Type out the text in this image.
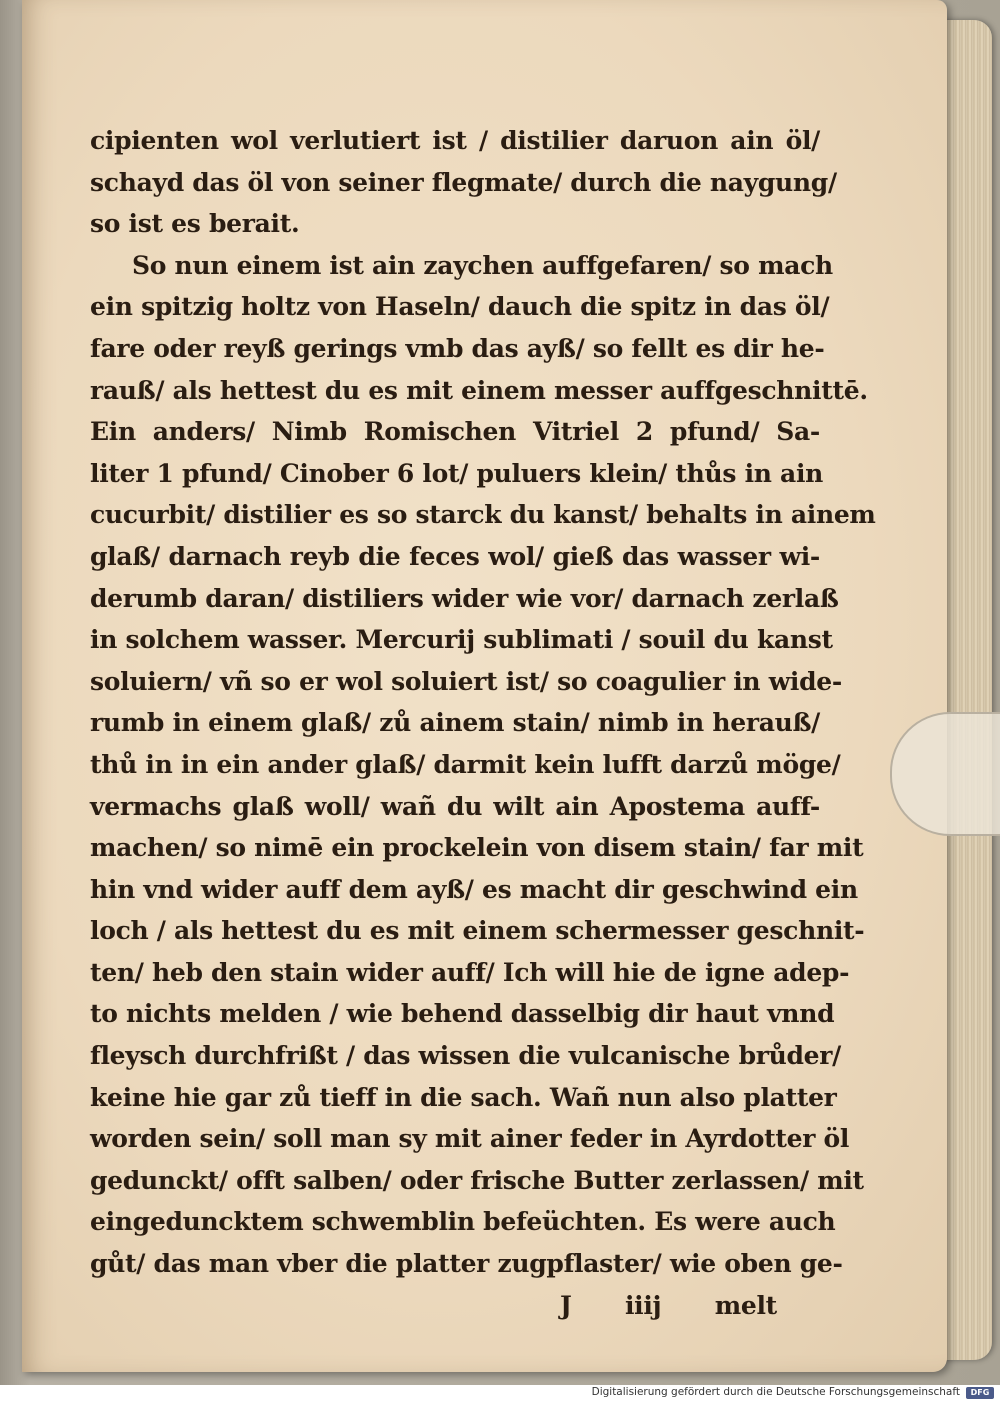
cipienten wol verlutiert ist / distilier daruon ain öl/
schayd das öl von seiner flegmate/ durch die naygung/
so ist es berait.
So nun einem ist ain zaychen auffgefaren/ so mach
ein spitzig holtz von Haseln/ dauch die spitz in das öl/
fare oder reyß gerings vmb das ayß/ so fellt es dir he-
rauß/ als hettest du es mit einem messer auffgeschnittē.
Ein anders/ Nimb Romischen Vitriel 2 pfund/ Sa-
liter 1 pfund/ Cinober 6 lot/ puluers klein/ thůs in ain
cucurbit/ distilier es so starck du kanst/ behalts in ainem
glaß/ darnach reyb die feces wol/ gieß das wasser wi-
derumb daran/ distiliers wider wie vor/ darnach zerlaß
in solchem wasser. Mercurij sublimati / souil du kanst
soluiern/ vñ so er wol soluiert ist/ so coagulier in wide-
rumb in einem glaß/ zů ainem stain/ nimb in herauß/
thů in in ein ander glaß/ darmit kein lufft darzů möge/
vermachs glaß woll/ wañ du wilt ain Apostema auff-
machen/ so nimē ein prockelein von disem stain/ far mit
hin vnd wider auff dem ayß/ es macht dir geschwind ein
loch / als hettest du es mit einem schermesser geschnit-
ten/ heb den stain wider auff/ Ich will hie de igne adep-
to nichts melden / wie behend dasselbig dir haut vnnd
fleysch durchfrißt / das wissen die vulcanische brůder/
keine hie gar zů tieff in die sach. Wañ nun also platter
worden sein/ soll man sy mit ainer feder in Ayrdotter öl
gedunckt/ offt salben/ oder frische Butter zerlassen/ mit
eingeduncktem schwemblin befeüchten. Es were auch
gůt/ das man vber die platter zugpflaster/ wie oben ge-
J iiij melt
Digitalisierung gefördert durch die Deutsche Forschungsgemeinschaft	DFG
